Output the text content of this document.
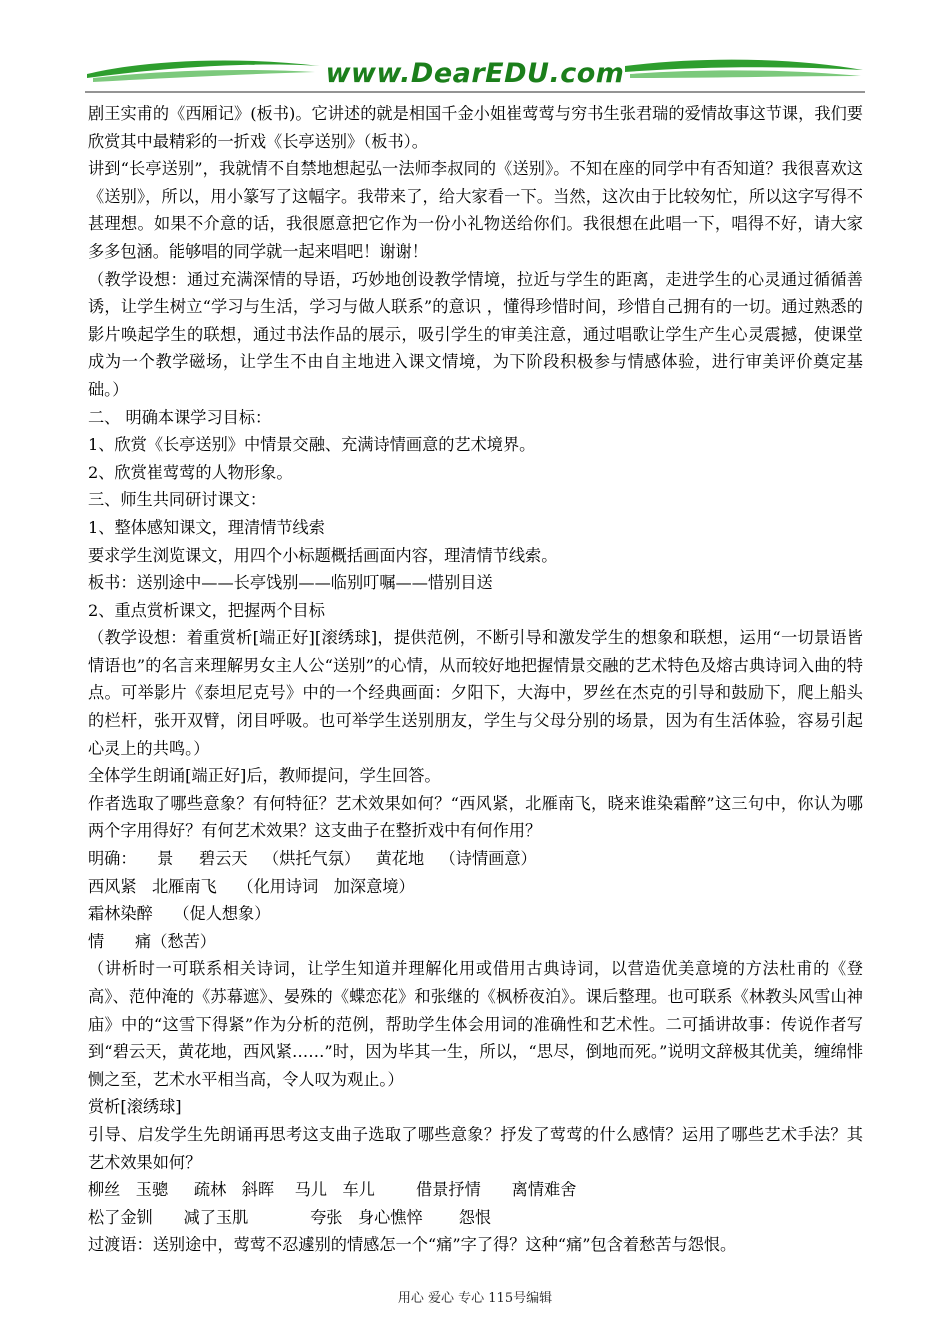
www.DearEDU.com

剧王实甫的《西厢记》(板书)。它讲述的就是相国千金小姐崔莺莺与穷书生张君瑞的爱情故事这节课，我们要欣赏其中最精彩的一折戏《长亭送别》（板书）。

讲到“长亭送别”，我就情不自禁地想起弘一法师李叔同的《送别》。不知在座的同学中有否知道？我很喜欢这《送别》，所以，用小篆写了这幅字。我带来了，给大家看一下。当然，这次由于比较匆忙，所以这字写得不甚理想。如果不介意的话，我很愿意把它作为一份小礼物送给你们。我很想在此唱一下，唱得不好，请大家多多包涵。能够唱的同学就一起来唱吧！谢谢！

（教学设想：通过充满深情的导语，巧妙地创设教学情境，拉近与学生的距离，走进学生的心灵通过循循善诱，让学生树立“学习与生活，学习与做人联系”的意识 ，懂得珍惜时间，珍惜自己拥有的一切。通过熟悉的影片唤起学生的联想，通过书法作品的展示，吸引学生的审美注意，通过唱歌让学生产生心灵震撼，使课堂成为一个教学磁场，让学生不由自主地进入课文情境，为下阶段积极参与情感体验，进行审美评价奠定基础。）

二、 明确本课学习目标：

1、欣赏《长亭送别》中情景交融、充满诗情画意的艺术境界。

2、欣赏崔莺莺的人物形象。

三、师生共同研讨课文：

1、整体感知课文，理清情节线索

要求学生浏览课文，用四个小标题概括画面内容，理清情节线索。

板书：送别途中——长亭饯别——临别叮嘱——惜别目送

2、重点赏析课文，把握两个目标

（教学设想：着重赏析[端正好][滚绣球]，提供范例，不断引导和激发学生的想象和联想，运用“一切景语皆情语也”的名言来理解男女主人公“送别”的心情，从而较好地把握情景交融的艺术特色及熔古典诗词入曲的特点。可举影片《泰坦尼克号》中的一个经典画面：夕阳下，大海中，罗丝在杰克的引导和鼓励下，爬上船头的栏杆，张开双臂，闭目呼吸。也可举学生送别朋友，学生与父母分别的场景，因为有生活体验，容易引起心灵上的共鸣。）

全体学生朗诵[端正好]后，教师提问，学生回答。

作者选取了哪些意象？有何特征？艺术效果如何？“西风紧，北雁南飞，晓来谁染霜醉”这三句中，你认为哪两个字用得好？有何艺术效果？这支曲子在整折戏中有何作用？

明确：    景     碧云天   （烘托气氛）   黄花地   （诗情画意）

西风紧   北雁南飞    （化用诗词   加深意境）

霜林染醉    （促人想象）

情      痛（愁苦）

（讲析时一可联系相关诗词，让学生知道并理解化用或借用古典诗词，以营造优美意境的方法杜甫的《登高》、范仲淹的《苏幕遮》、晏殊的《蝶恋花》和张继的《枫桥夜泊》。课后整理。也可联系《林教头风雪山神庙》中的“这雪下得紧”作为分析的范例，帮助学生体会用词的准确性和艺术性。二可插讲故事：传说作者写到“碧云天，黄花地，西风紧……”时，因为毕其一生，所以，“思尽，倒地而死。”说明文辞极其优美，缠绵悱恻之至，艺术水平相当高，令人叹为观止。）

赏析[滚绣球]

引导、启发学生先朗诵再思考这支曲子选取了哪些意象？抒发了莺莺的什么感情？运用了哪些艺术手法？其艺术效果如何？

柳丝   玉骢     疏林   斜晖    马儿   车儿        借景抒情      离情难舍

松了金钏      减了玉肌            夸张   身心憔悴       怨恨

过渡语：送别途中，莺莺不忍遽别的情感怎一个“痛”字了得？这种“痛”包含着愁苦与怨恨。

用心 爱心 专心 115号编辑
